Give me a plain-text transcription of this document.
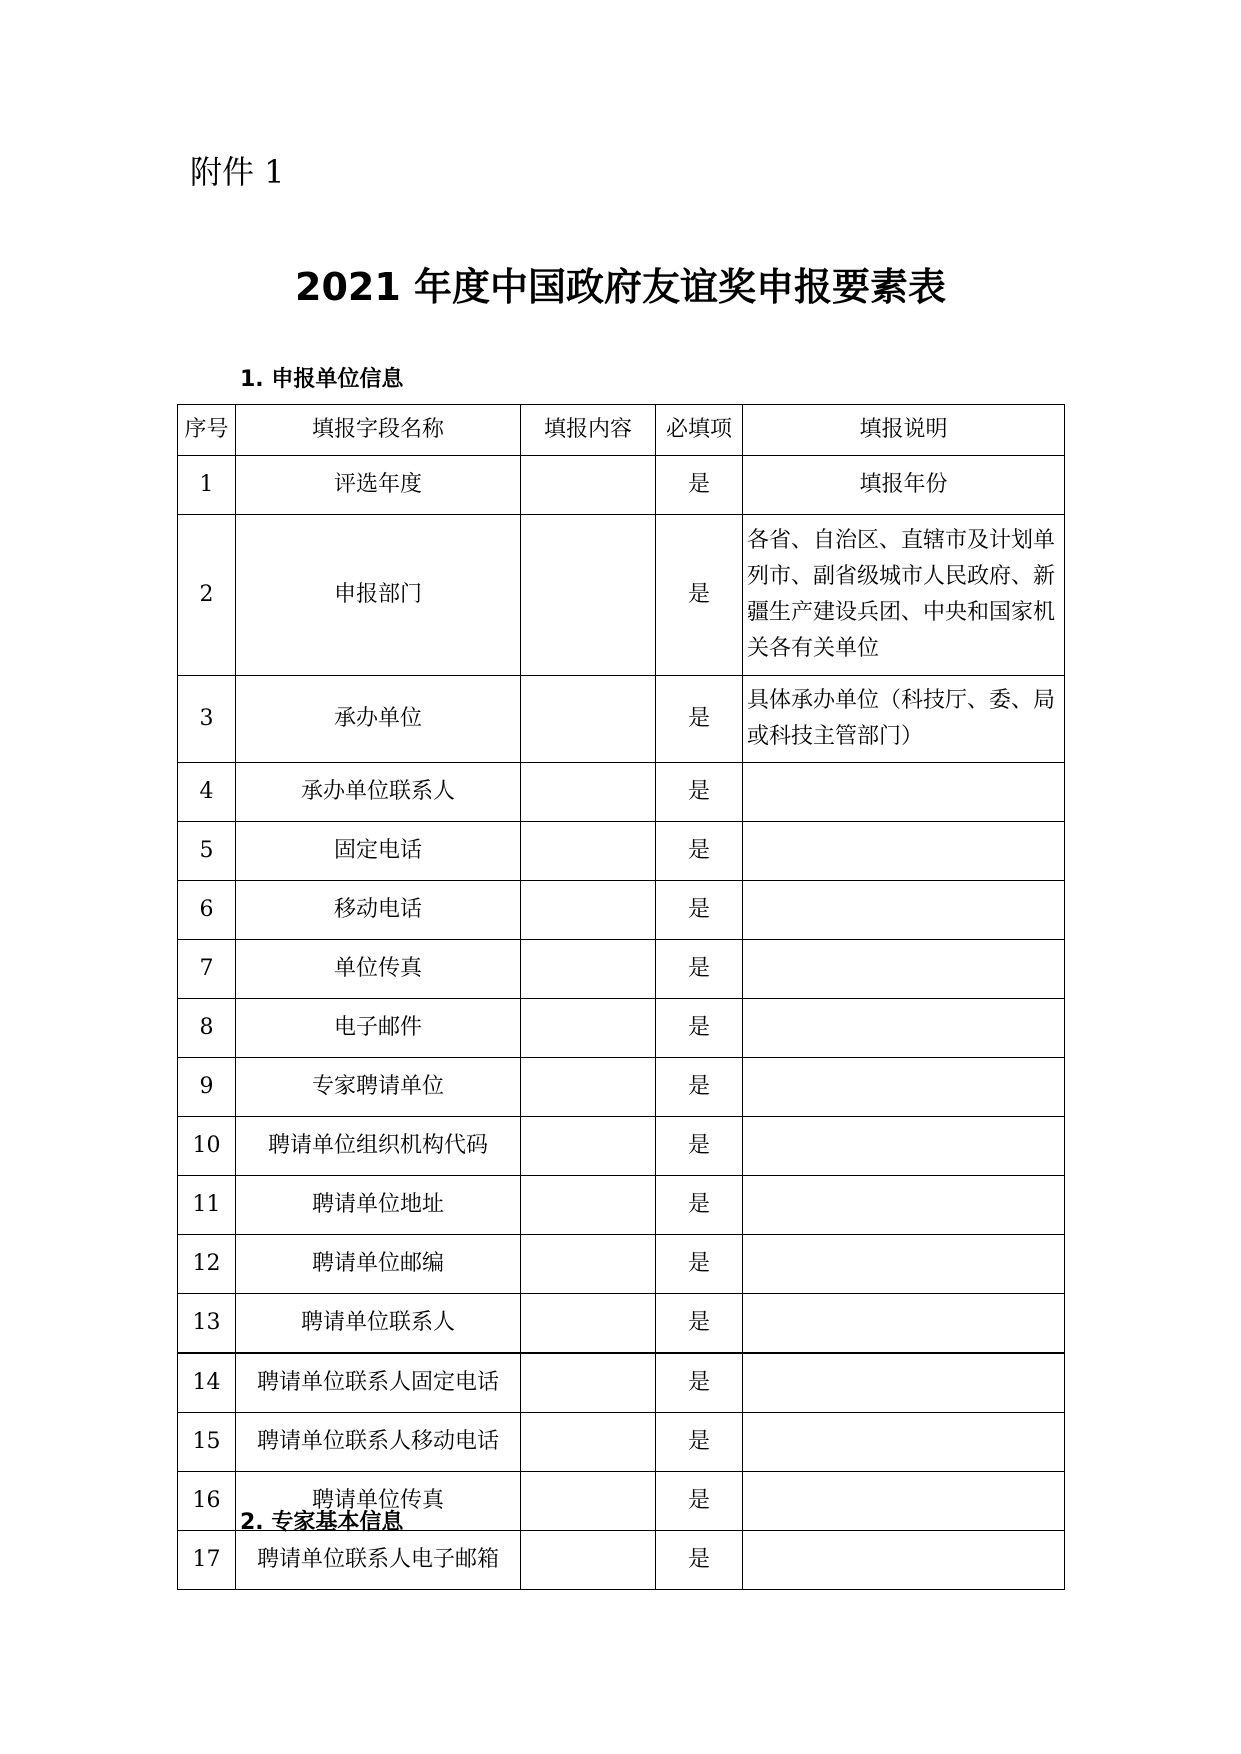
附件 1
2021 年度中国政府友谊奖申报要素表
1. 申报单位信息
序号	填报字段名称	填报内容	必填项	填报说明
1	评选年度		是	填报年份
2	申报部门		是	各省、自治区、直辖市及计划单列市、副省级城市人民政府、新疆生产建设兵团、中央和国家机关各有关单位
3	承办单位		是	具体承办单位（科技厅、委、局或科技主管部门）
4	承办单位联系人		是	
5	固定电话		是	
6	移动电话		是	
7	单位传真		是	
8	电子邮件		是	
9	专家聘请单位		是	
10	聘请单位组织机构代码		是	
11	聘请单位地址		是	
12	聘请单位邮编		是	
13	聘请单位联系人		是	
14	聘请单位联系人固定电话		是	
15	聘请单位联系人移动电话		是	
16	聘请单位传真		是	
17	聘请单位联系人电子邮箱		是	
2. 专家基本信息
